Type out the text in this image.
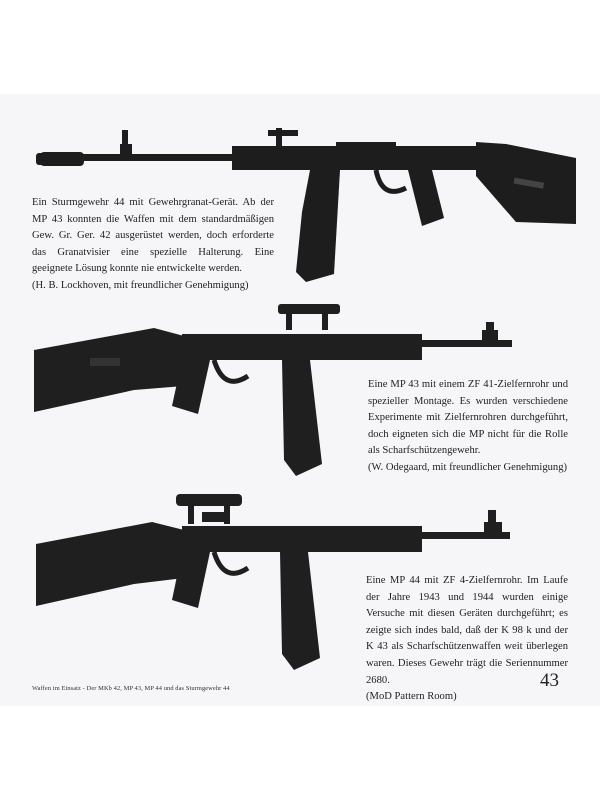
Ein Sturmgewehr 44 mit Gewehrgranat-Gerät. Ab der MP 43 konnten die Waffen mit dem standardmäßigen Gew. Gr. Ger. 42 ausgerüstet werden, doch erforderte das Granatvisier eine spezielle Halterung. Eine geeignete Lösung konnte nie entwickelte werden.

(H. B. Lockhoven, mit freundlicher Genehmigung)

Eine MP 43 mit einem ZF 41-Zielfernrohr und spezieller Montage. Es wurden verschiedene Experimente mit Zielfernrohren durchgeführt, doch eigneten sich die MP nicht für die Rolle als Scharfschützengewehr.

(W. Odegaard, mit freundlicher Genehmigung)

Eine MP 44 mit ZF 4-Zielfernrohr. Im Laufe der Jahre 1943 und 1944 wurden einige Versuche mit diesen Geräten durchgeführt; es zeigte sich indes bald, daß der K 98 k und der K 43 als Scharfschützenwaffen weit überlegen waren. Dieses Gewehr trägt die Seriennummer 2680.

(MoD Pattern Room)

Waffen im Einsatz - Der MKb 42, MP 43, MP 44 und das Sturmgewehr 44	43
